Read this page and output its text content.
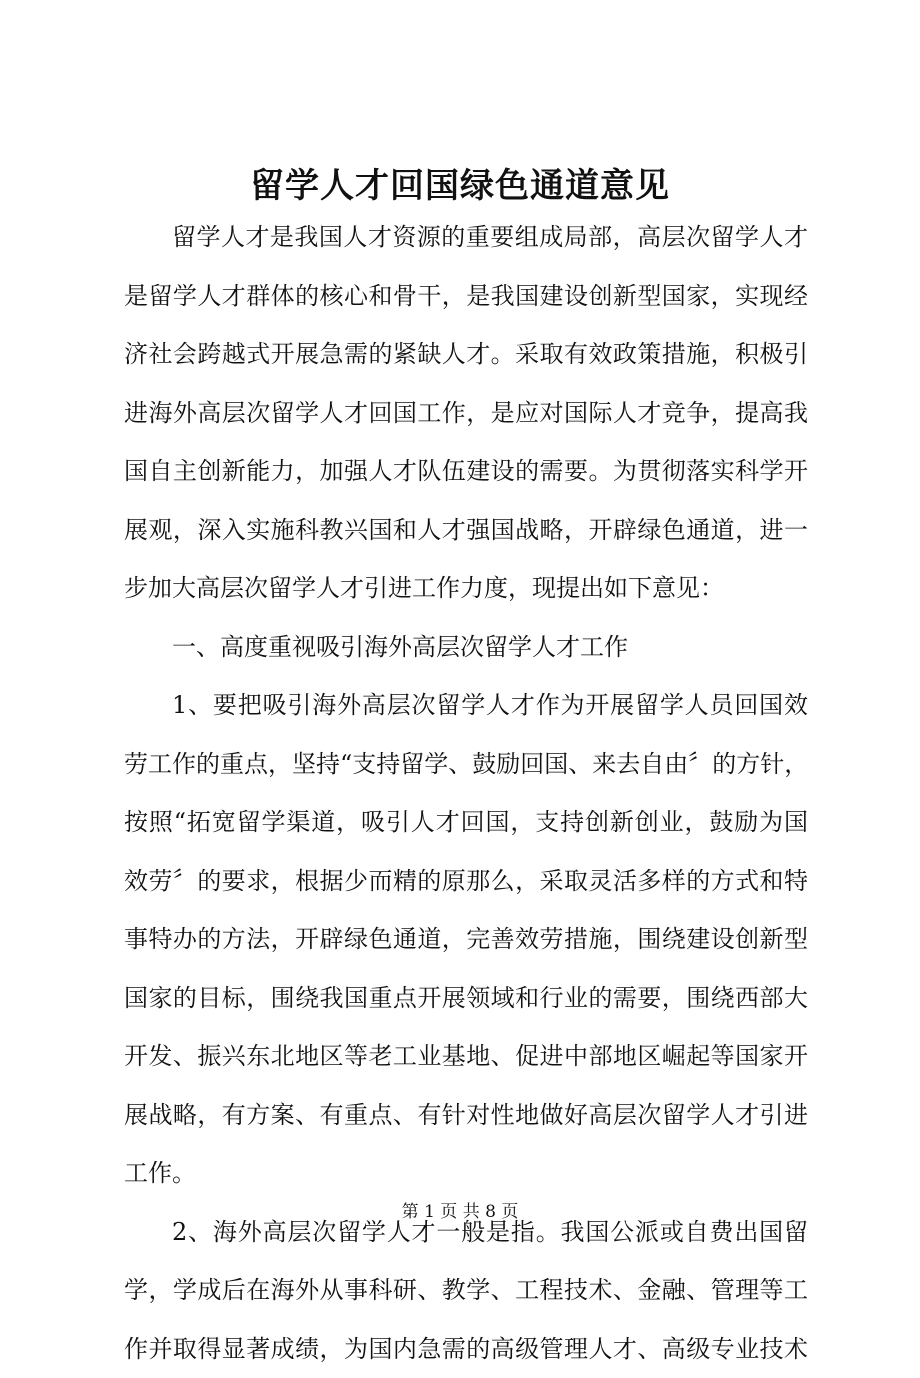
留学人才回国绿色通道意见
留学人才是我国人才资源的重要组成局部，高层次留学人才
是留学人才群体的核心和骨干，是我国建设创新型国家，实现经
济社会跨越式开展急需的紧缺人才。采取有效政策措施，积极引
进海外高层次留学人才回国工作，是应对国际人才竞争，提高我
国自主创新能力，加强人才队伍建设的需要。为贯彻落实科学开
展观，深入实施科教兴国和人才强国战略，开辟绿色通道，进一
步加大高层次留学人才引进工作力度，现提出如下意见：
一、高度重视吸引海外高层次留学人才工作
1、要把吸引海外高层次留学人才作为开展留学人员回国效
劳工作的重点，坚持“支持留学、鼓励回国、来去自由〞的方针，
按照“拓宽留学渠道，吸引人才回国，支持创新创业，鼓励为国
效劳〞的要求，根据少而精的原那么，采取灵活多样的方式和特
事特办的方法，开辟绿色通道，完善效劳措施，围绕建设创新型
国家的目标，围绕我国重点开展领域和行业的需要，围绕西部大
开发、振兴东北地区等老工业基地、促进中部地区崛起等国家开
展战略，有方案、有重点、有针对性地做好高层次留学人才引进
工作。
2、海外高层次留学人才一般是指。我国公派或自费出国留
学，学成后在海外从事科研、教学、工程技术、金融、管理等工
作并取得显著成绩，为国内急需的高级管理人才、高级专业技术
第 1 页 共 8 页
